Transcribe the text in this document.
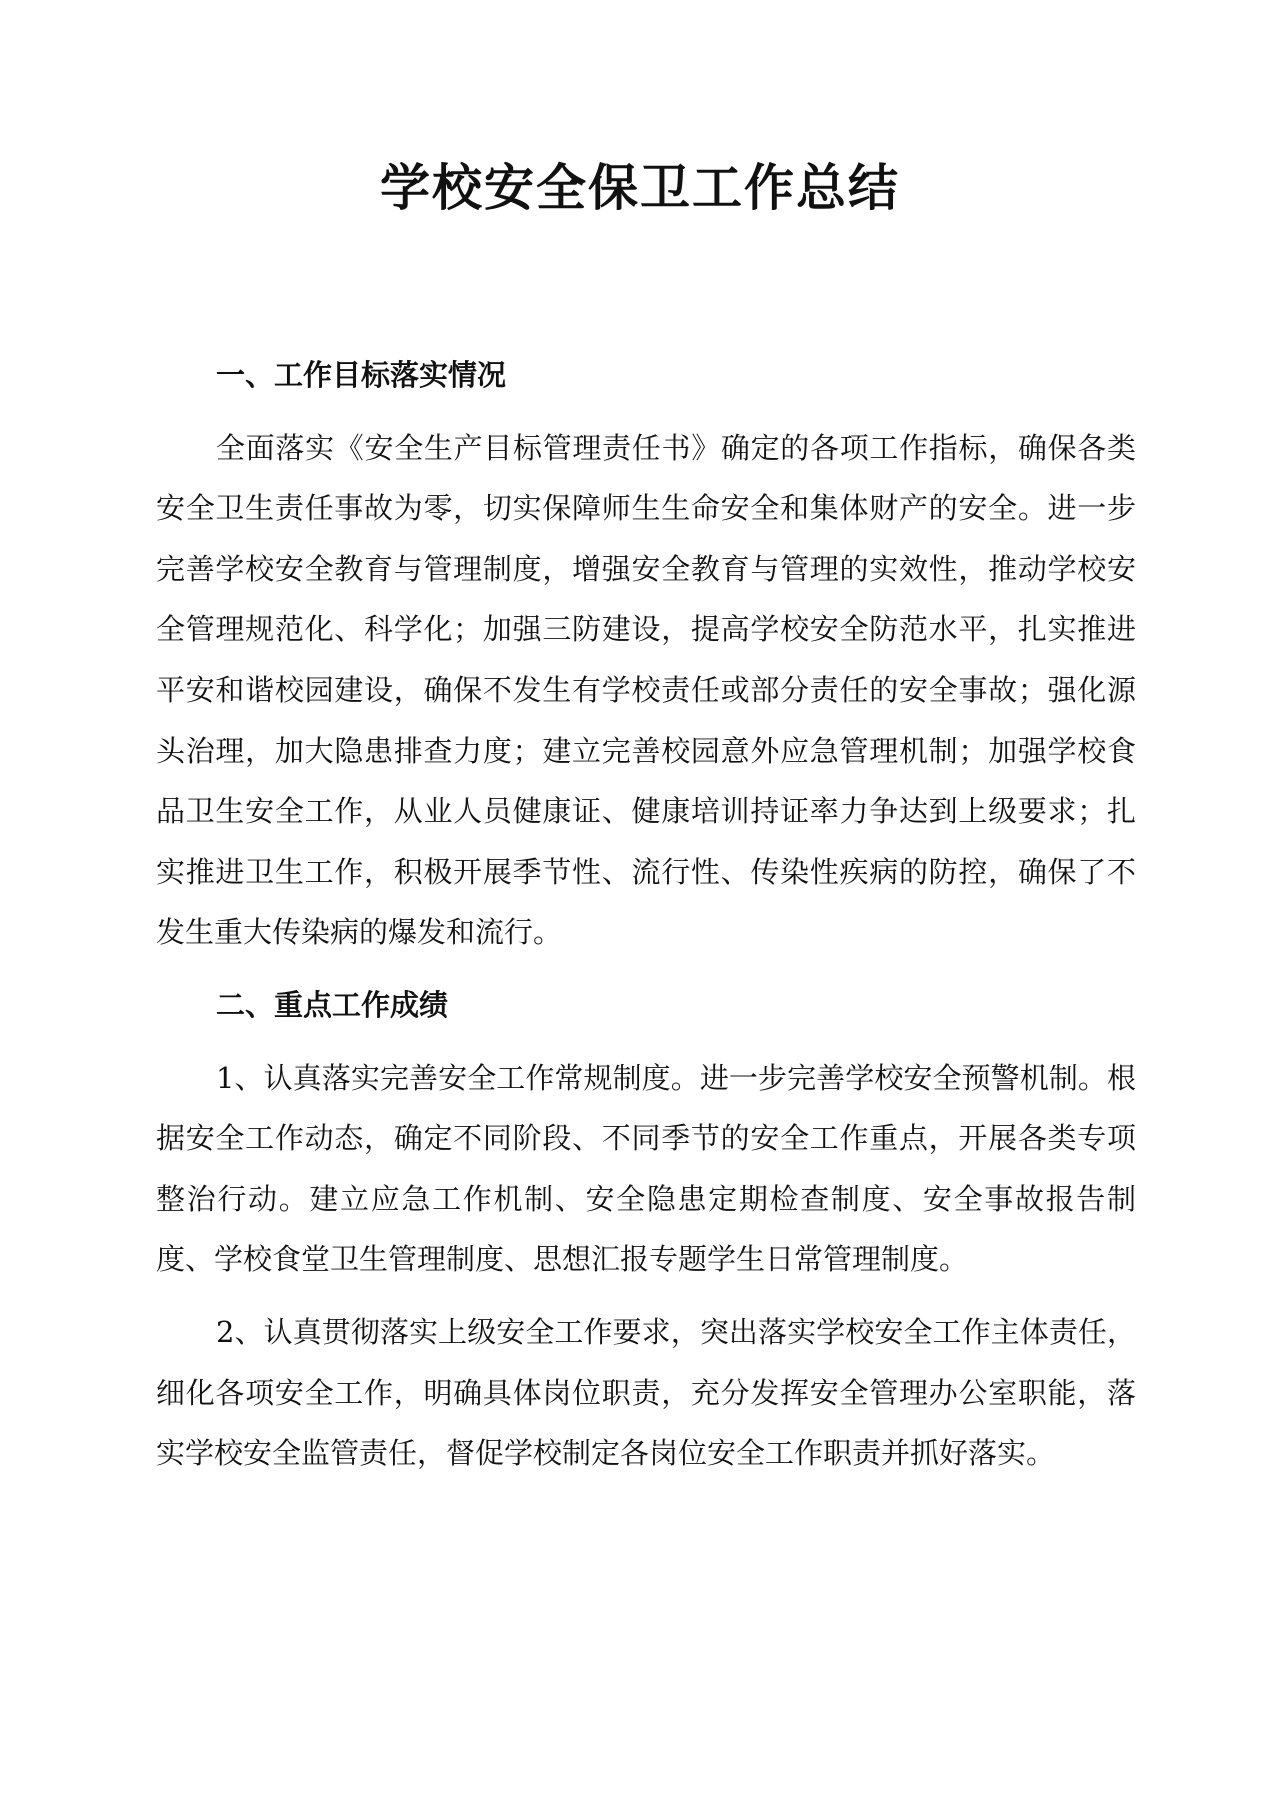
学校安全保卫工作总结
一、工作目标落实情况

全面落实《安全生产目标管理责任书》确定的各项工作指标，确保各类安全卫生责任事故为零，切实保障师生生命安全和集体财产的安全。进一步完善学校安全教育与管理制度，增强安全教育与管理的实效性，推动学校安全管理规范化、科学化；加强三防建设，提高学校安全防范水平，扎实推进平安和谐校园建设，确保不发生有学校责任或部分责任的安全事故；强化源头治理，加大隐患排查力度；建立完善校园意外应急管理机制；加强学校食品卫生安全工作，从业人员健康证、健康培训持证率力争达到上级要求；扎实推进卫生工作，积极开展季节性、流行性、传染性疾病的防控，确保了不发生重大传染病的爆发和流行。

二、重点工作成绩

1、认真落实完善安全工作常规制度。进一步完善学校安全预警机制。根据安全工作动态，确定不同阶段、不同季节的安全工作重点，开展各类专项整治行动。建立应急工作机制、安全隐患定期检查制度、安全事故报告制度、学校食堂卫生管理制度、思想汇报专题学生日常管理制度。

2、认真贯彻落实上级安全工作要求，突出落实学校安全工作主体责任，细化各项安全工作，明确具体岗位职责，充分发挥安全管理办公室职能，落实学校安全监管责任，督促学校制定各岗位安全工作职责并抓好落实。
